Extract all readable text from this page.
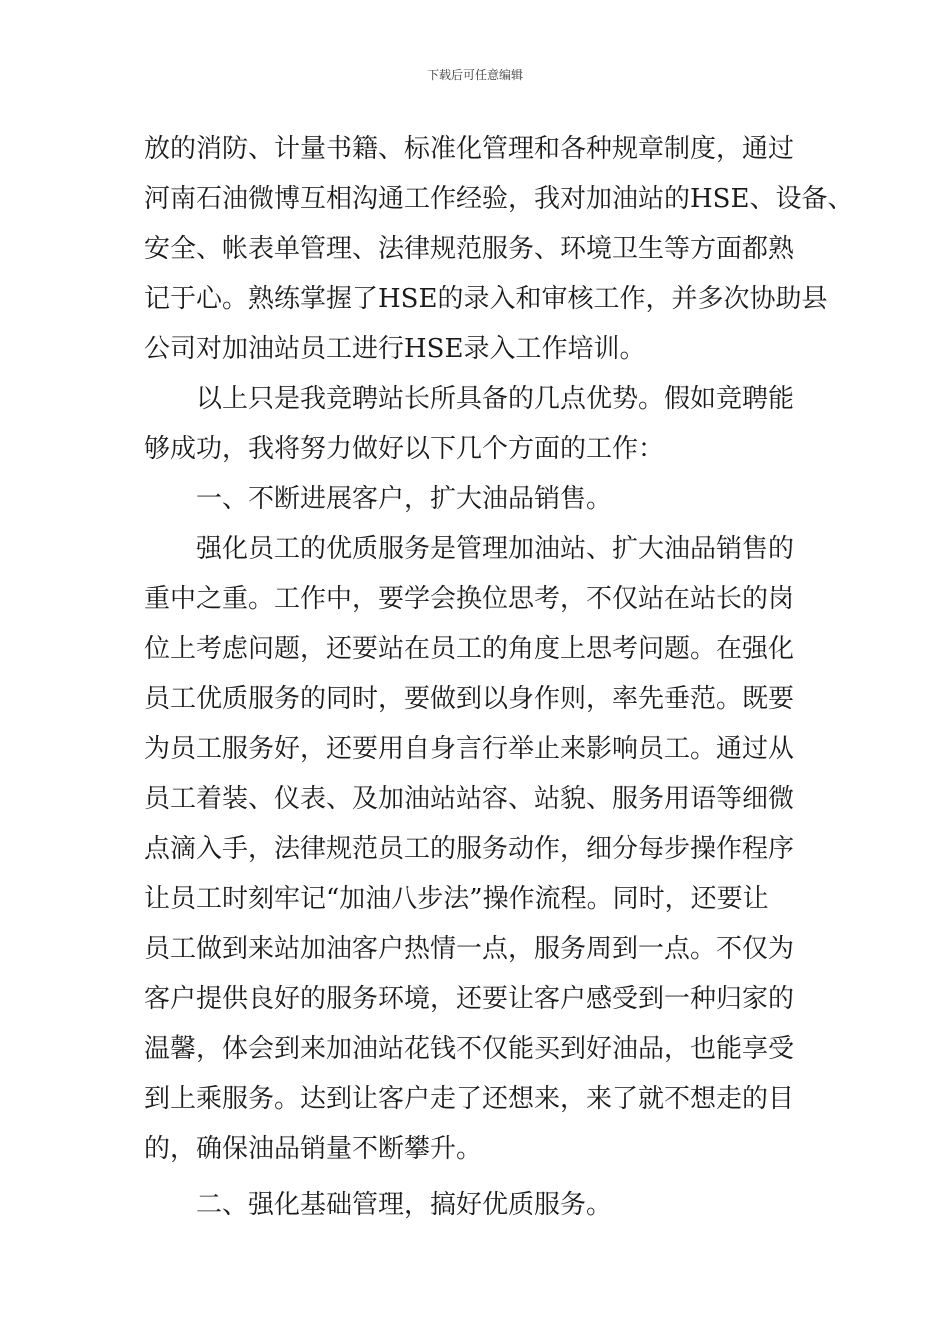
下载后可任意编辑
放的消防、计量书籍、标准化管理和各种规章制度，通过
河南石油微博互相沟通工作经验，我对加油站的HSE、设备、
安全、帐表单管理、法律规范服务、环境卫生等方面都熟
记于心。熟练掌握了HSE的录入和审核工作，并多次协助县
公司对加油站员工进行HSE录入工作培训。
以上只是我竞聘站长所具备的几点优势。假如竞聘能
够成功，我将努力做好以下几个方面的工作：
一、不断进展客户，扩大油品销售。
强化员工的优质服务是管理加油站、扩大油品销售的
重中之重。工作中，要学会换位思考，不仅站在站长的岗
位上考虑问题，还要站在员工的角度上思考问题。在强化
员工优质服务的同时，要做到以身作则，率先垂范。既要
为员工服务好，还要用自身言行举止来影响员工。通过从
员工着装、仪表、及加油站站容、站貌、服务用语等细微
点滴入手，法律规范员工的服务动作，细分每步操作程序
让员工时刻牢记“加油八步法”操作流程。同时，还要让
员工做到来站加油客户热情一点，服务周到一点。不仅为
客户提供良好的服务环境，还要让客户感受到一种归家的
温馨，体会到来加油站花钱不仅能买到好油品，也能享受
到上乘服务。达到让客户走了还想来，来了就不想走的目
的，确保油品销量不断攀升。
二、强化基础管理，搞好优质服务。
